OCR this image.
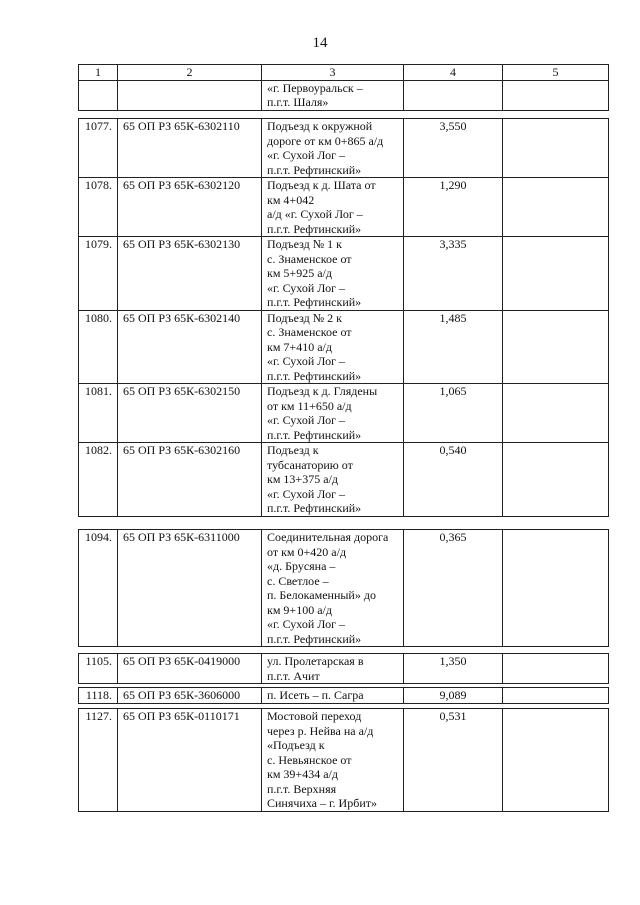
14
1	2	3	4	5

		«г. Первоуральск –
п.г.т. Шаля»		

1077.	65 ОП РЗ 65К-6302110	Подъезд к окружной
дороге от км 0+865 а/д
«г. Сухой Лог –
п.г.т. Рефтинский»	3,550	
1078.	65 ОП РЗ 65К-6302120	Подъезд к д. Шата от
км 4+042
а/д «г. Сухой Лог –
п.г.т. Рефтинский»	1,290	
1079.	65 ОП РЗ 65К-6302130	Подъезд № 1 к
с. Знаменское от
км 5+925 а/д
«г. Сухой Лог –
п.г.т. Рефтинский»	3,335	
1080.	65 ОП РЗ 65К-6302140	Подъезд № 2 к
с. Знаменское от
км 7+410 а/д
«г. Сухой Лог –
п.г.т. Рефтинский»	1,485	
1081.	65 ОП РЗ 65К-6302150	Подъезд к д. Глядены
от км 11+650 а/д
«г. Сухой Лог –
п.г.т. Рефтинский»	1,065	
1082.	65 ОП РЗ 65К-6302160	Подъезд к
тубсанаторию от
км 13+375 а/д
«г. Сухой Лог –
п.г.т. Рефтинский»	0,540	
1094.	65 ОП РЗ 65К-6311000	Соединительная дорога
от км 0+420 а/д
«д. Брусяна –
с. Светлое –
п. Белокаменный» до
км 9+100 а/д
«г. Сухой Лог –
п.г.т. Рефтинский»
	0,365	
1105.	65 ОП РЗ 65К-0419000	ул. Пролетарская в
п.г.т. Ачит
	1,350	
1118.	65 ОП РЗ 65К-3606000	п. Исеть – п. Сагра	9,089	
1127.	65 ОП РЗ 65К-0110171	Мостовой переход
через р. Нейва на а/д
«Подъезд к
с. Невьянское от
км 39+434 а/д
п.г.т. Верхняя
Синячиха – г. Ирбит»
	0,531	
